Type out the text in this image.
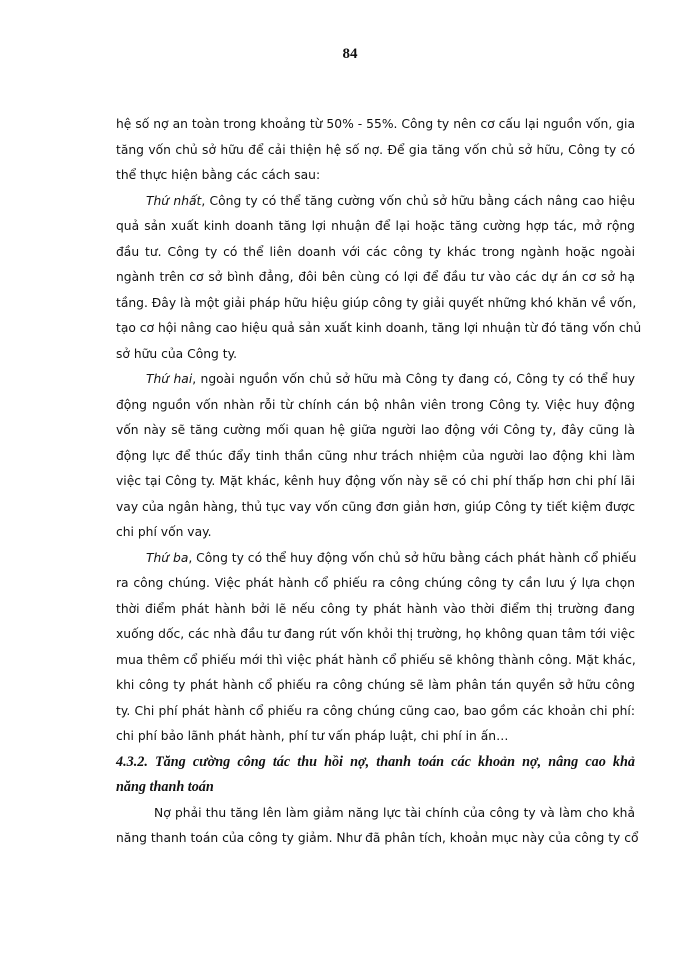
84
hệ số nợ an toàn trong khoảng từ 50% - 55%. Công ty nên cơ cấu lại nguồn vốn, gia
tăng vốn chủ sở hữu để cải thiện hệ số nợ. Để gia tăng vốn chủ sở hữu, Công ty có
thể thực hiện bằng các cách sau:
Thứ nhất, Công ty có thể tăng cường vốn chủ sở hữu bằng cách nâng cao hiệu
quả sản xuất kinh doanh tăng lợi nhuận để lại hoặc tăng cường hợp tác, mở rộng
đầu tư. Công ty có thể liên doanh với các công ty khác trong ngành hoặc ngoài
ngành trên cơ sở bình đẳng, đôi bên cùng có lợi để đầu tư vào các dự án cơ sở hạ
tầng. Đây là một giải pháp hữu hiệu giúp công ty giải quyết những khó khăn về vốn,
tạo cơ hội nâng cao hiệu quả sản xuất kinh doanh, tăng lợi nhuận từ đó tăng vốn chủ
sở hữu của Công ty.
Thứ hai, ngoài nguồn vốn chủ sở hữu mà Công ty đang có, Công ty có thể huy
động nguồn vốn nhàn rỗi từ chính cán bộ nhân viên trong Công ty. Việc huy động
vốn này sẽ tăng cường mối quan hệ giữa người lao động với Công ty, đây cũng là
động lực để thúc đẩy tinh thần cũng như trách nhiệm của người lao động khi làm
việc tại Công ty. Mặt khác, kênh huy động vốn này sẽ có chi phí thấp hơn chi phí lãi
vay của ngân hàng, thủ tục vay vốn cũng đơn giản hơn, giúp Công ty tiết kiệm được
chi phí vốn vay.
Thứ ba, Công ty có thể huy động vốn chủ sở hữu bằng cách phát hành cổ phiếu
ra công chúng. Việc phát hành cổ phiếu ra công chúng công ty cần lưu ý lựa chọn
thời điểm phát hành bởi lẽ nếu công ty phát hành vào thời điểm thị trường đang
xuống dốc, các nhà đầu tư đang rút vốn khỏi thị trường, họ không quan tâm tới việc
mua thêm cổ phiếu mới thì việc phát hành cổ phiếu sẽ không thành công. Mặt khác,
khi công ty phát hành cổ phiếu ra công chúng sẽ làm phân tán quyền sở hữu công
ty. Chi phí phát hành cổ phiếu ra công chúng cũng cao, bao gồm các khoản chi phí:
chi phí bảo lãnh phát hành, phí tư vấn pháp luật, chi phí in ấn…
4.3.2. Tăng cường công tác thu hồi nợ, thanh toán các khoản nợ, nâng cao khả
năng thanh toán
Nợ phải thu tăng lên làm giảm năng lực tài chính của công ty và làm cho khả
năng thanh toán của công ty giảm. Như đã phân tích, khoản mục này của công ty cổ
